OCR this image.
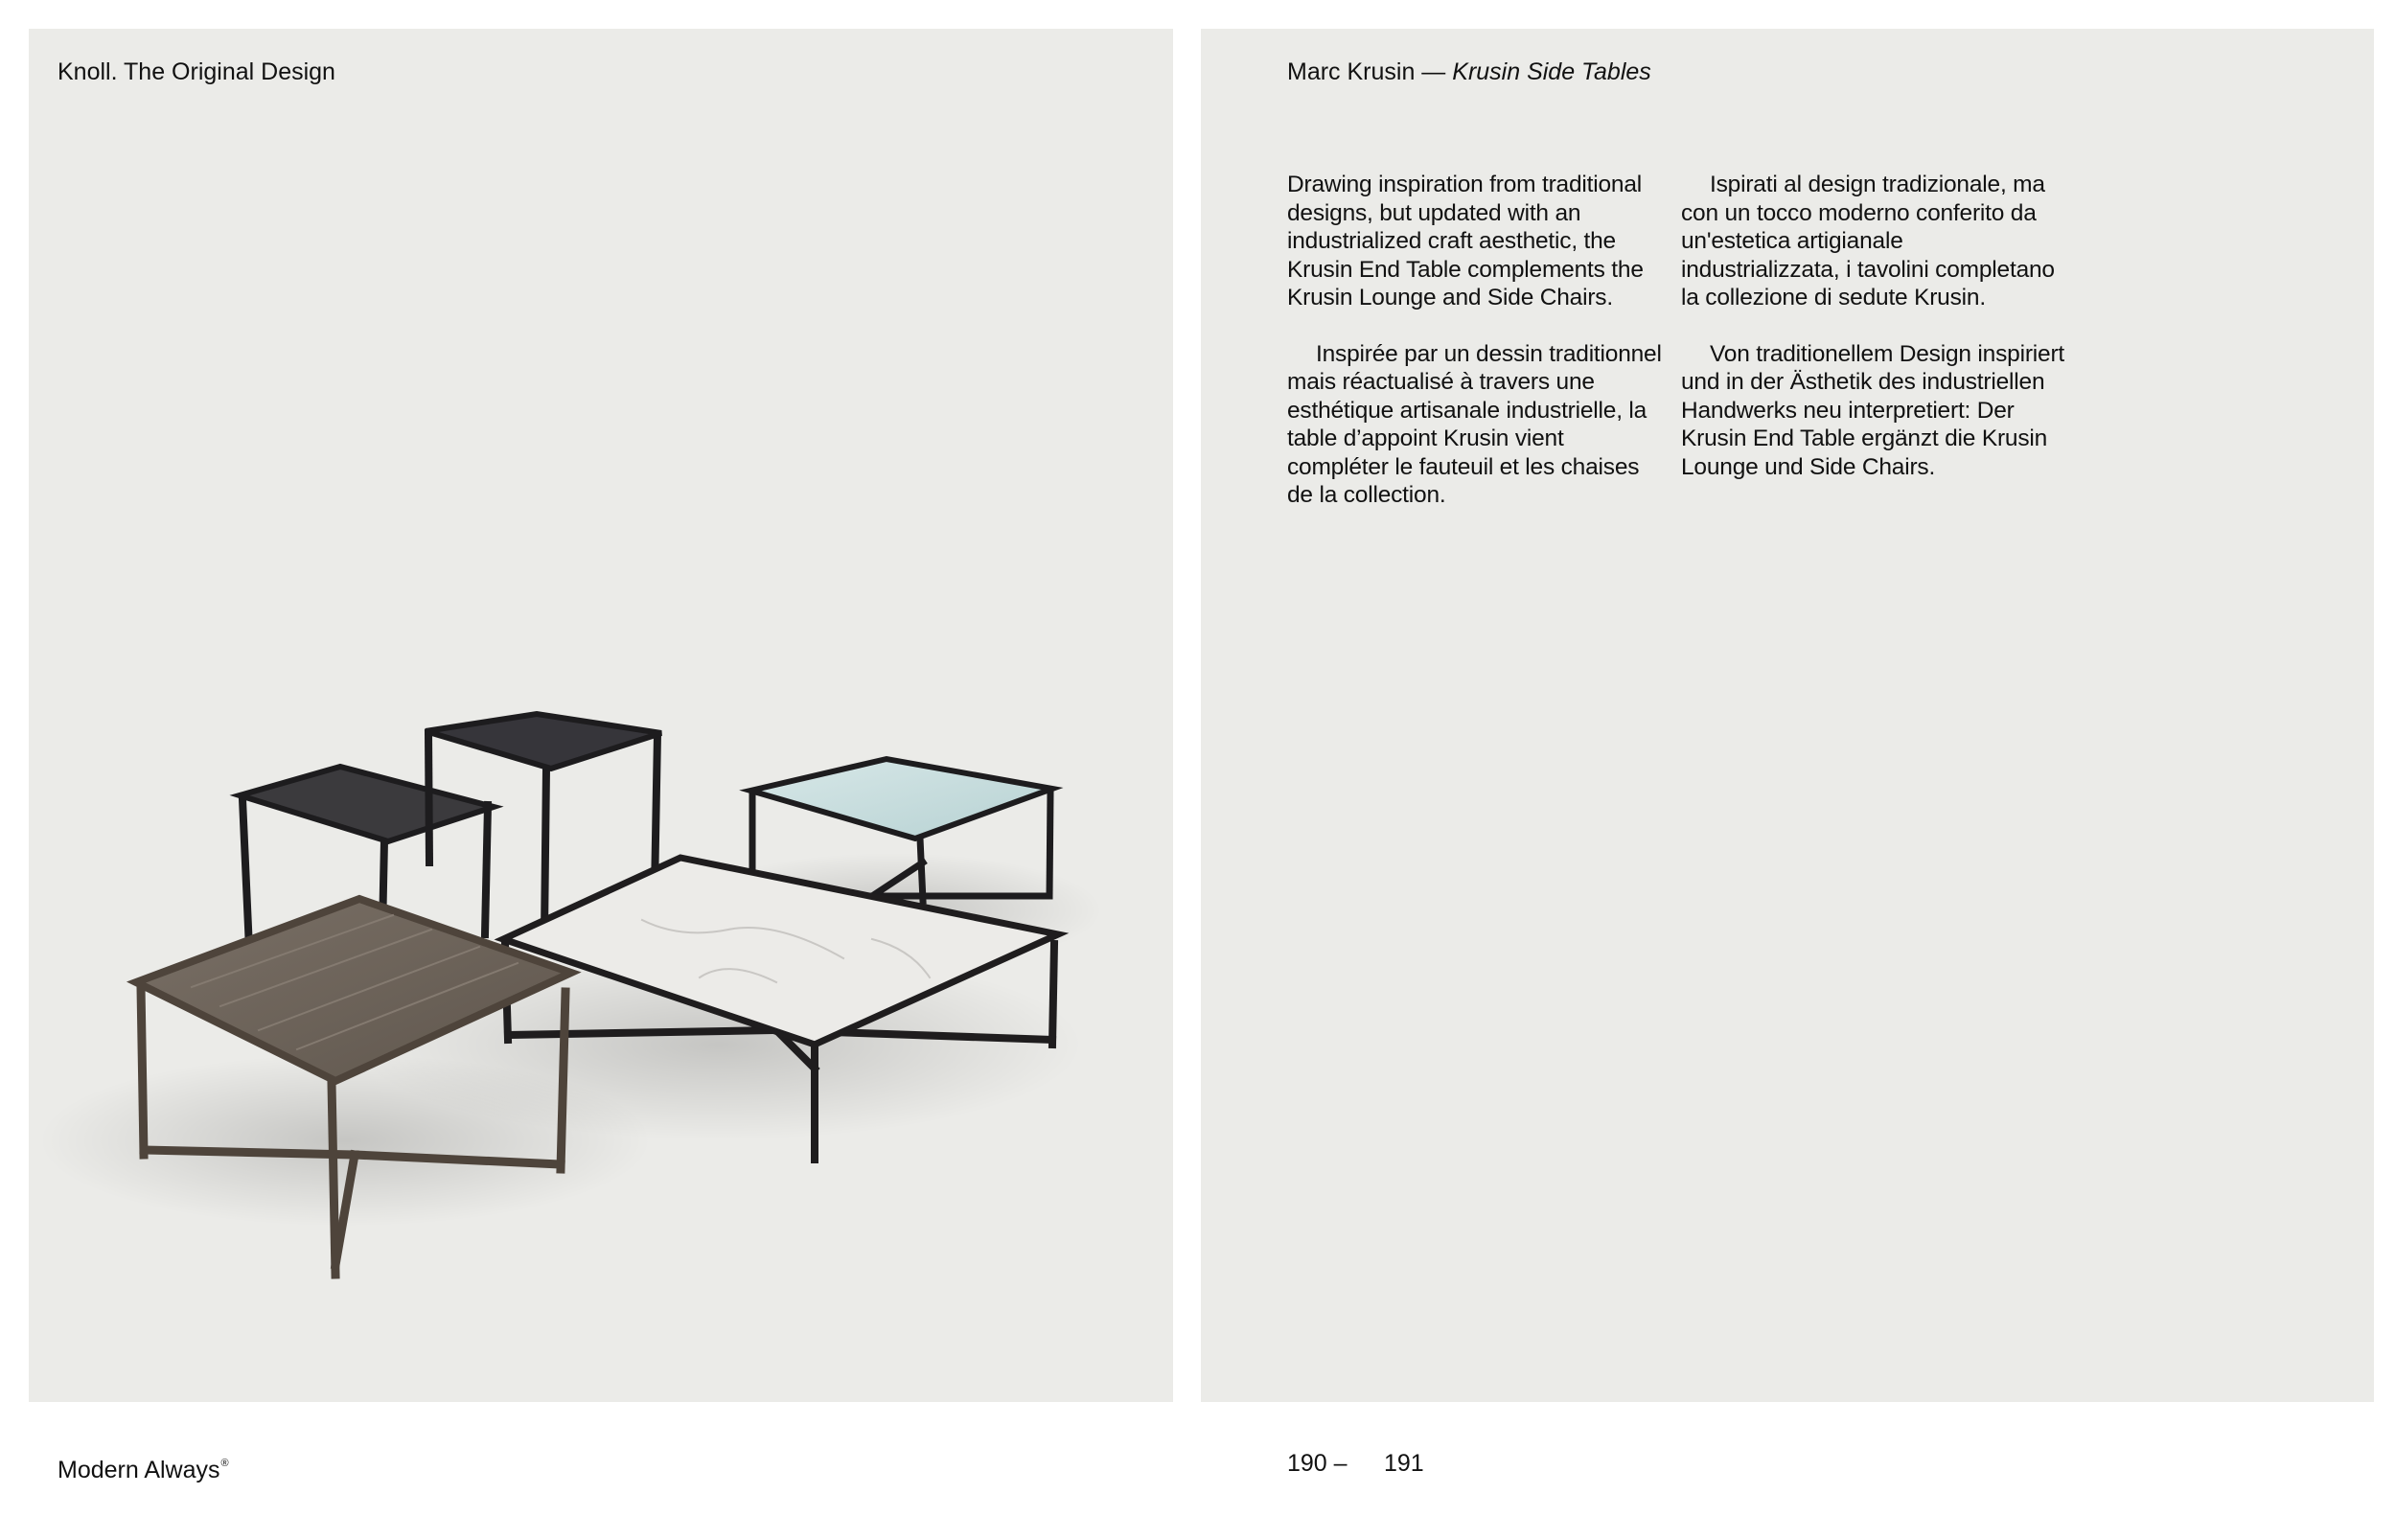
Knoll. The Original Design	Marc Krusin — Krusin Side Tables

Drawing inspiration from traditional designs, but updated with an industrialized craft aesthetic, the Krusin End Table complements the Krusin Lounge and Side Chairs.

Inspirée par un dessin traditionnel mais réactualisé à travers une esthétique artisanale industrielle, la table d’appoint Krusin vient compléter le fauteuil et les chaises de la collection.

Ispirati al design tradizionale, ma con un tocco moderno conferito da un'estetica artigianale industrializzata, i tavolini completano la collezione di sedute Krusin.

Von traditionellem Design inspiriert und in der Ästhetik des industriellen Handwerks neu interpretiert: Der Krusin End Table ergänzt die Krusin Lounge und Side Chairs.

Modern Always®	190 – 191
